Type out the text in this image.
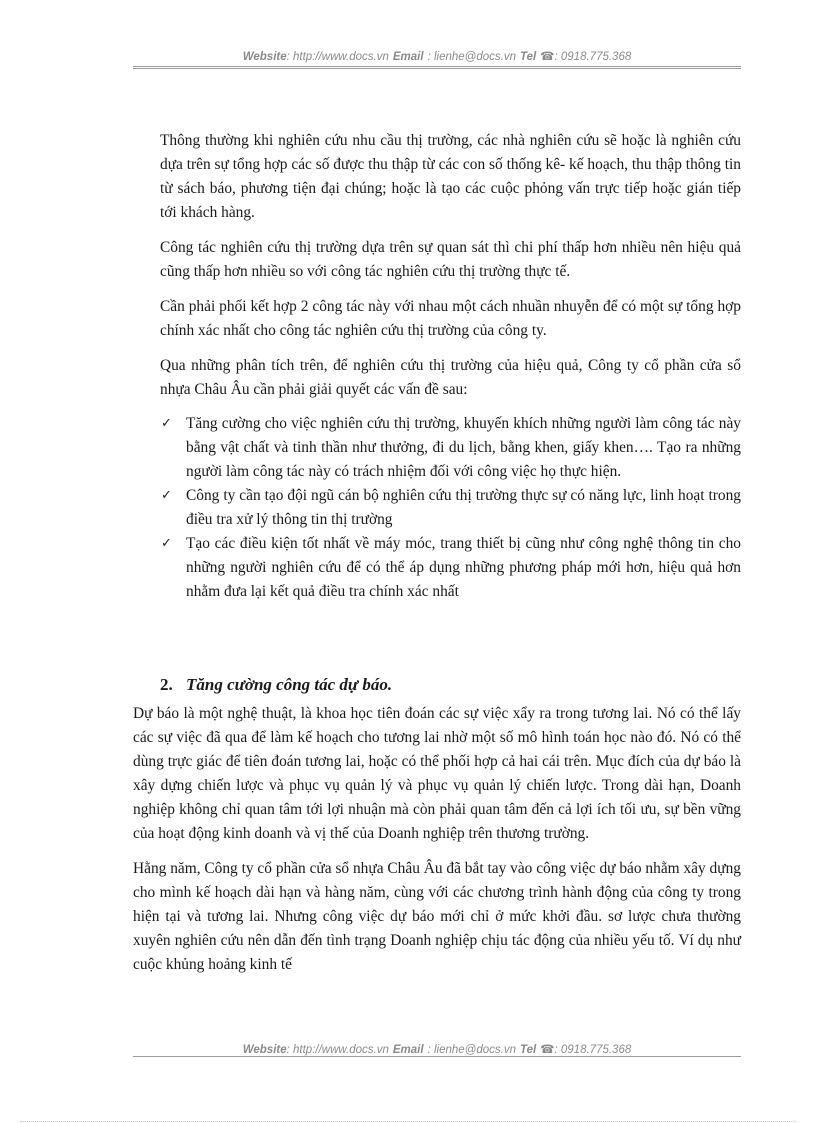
Website: http://www.docs.vn Email : lienhe@docs.vn Tel ☎: 0918.775.368

Thông thường khi nghiên cứu nhu cầu thị trường, các nhà nghiên cứu sẽ hoặc là nghiên cứu dựa trên sự tổng hợp các số được thu thập từ các con số thống kê- kế hoạch, thu thập thông tin từ sách báo, phương tiện đại chúng; hoặc là tạo các cuộc phỏng vấn trực tiếp hoặc gián tiếp tới khách hàng.

Công tác nghiên cứu thị trường dựa trên sự quan sát thì chi phí thấp hơn nhiều nên hiệu quả cũng thấp hơn nhiều so với công tác nghiên cứu thị trường thực tế.

Cần phải phối kết hợp 2 công tác này với nhau một cách nhuần nhuyễn để có một sự tổng hợp chính xác nhất cho công tác nghiên cứu thị trường của công ty.

Qua những phân tích trên, để nghiên cứu thị trường của hiệu quả, Công ty cổ phần cửa sổ nhựa Châu Âu cần phải giải quyết các vấn đề sau:

✓ Tăng cường cho việc nghiên cứu thị trường, khuyến khích những người làm công tác này bằng vật chất và tinh thần như thưởng, đi du lịch, bằng khen, giấy khen…. Tạo ra những người làm công tác này có trách nhiệm đối với công việc họ thực hiện.
✓ Công ty cần tạo đội ngũ cán bộ nghiên cứu thị trường thực sự có năng lực, linh hoạt trong điều tra xử lý thông tin thị trường
✓ Tạo các điều kiện tốt nhất về máy móc, trang thiết bị cũng như công nghệ thông tin cho những người nghiên cứu để có thể áp dụng những phương pháp mới hơn, hiệu quả hơn nhằm đưa lại kết quả điều tra chính xác nhất
2. Tăng cường công tác dự báo.

Dự báo là một nghệ thuật, là khoa học tiên đoán các sự việc xẩy ra trong tương lai. Nó có thể lấy các sự việc đã qua để làm kế hoạch cho tương lai nhờ một số mô hình toán học nào đó. Nó có thể dùng trực giác để tiên đoán tương lai, hoặc có thể phối hợp cả hai cái trên. Mục đích của dự báo là xây dựng chiến lược và phục vụ quản lý và phục vụ quản lý chiến lược. Trong dài hạn, Doanh nghiệp không chỉ quan tâm tới lợi nhuận mà còn phải quan tâm đến cả lợi ích tối ưu, sự bền vững của hoạt động kinh doanh và vị thế của Doanh nghiệp trên thương trường.

Hằng năm, Công ty cổ phần cửa sổ nhựa Châu Âu đã bắt tay vào công việc dự báo nhằm xây dựng cho mình kế hoạch dài hạn và hàng năm, cùng với các chương trình hành động của công ty trong hiện tại và tương lai. Nhưng công việc dự báo mới chỉ ở mức khởi đầu. sơ lược chưa thường xuyên nghiên cứu nên dẫn đến tình trạng Doanh nghiệp chịu tác động của nhiều yếu tố. Ví dụ như cuộc khủng hoảng kinh tế

Website: http://www.docs.vn Email : lienhe@docs.vn Tel ☎: 0918.775.368
